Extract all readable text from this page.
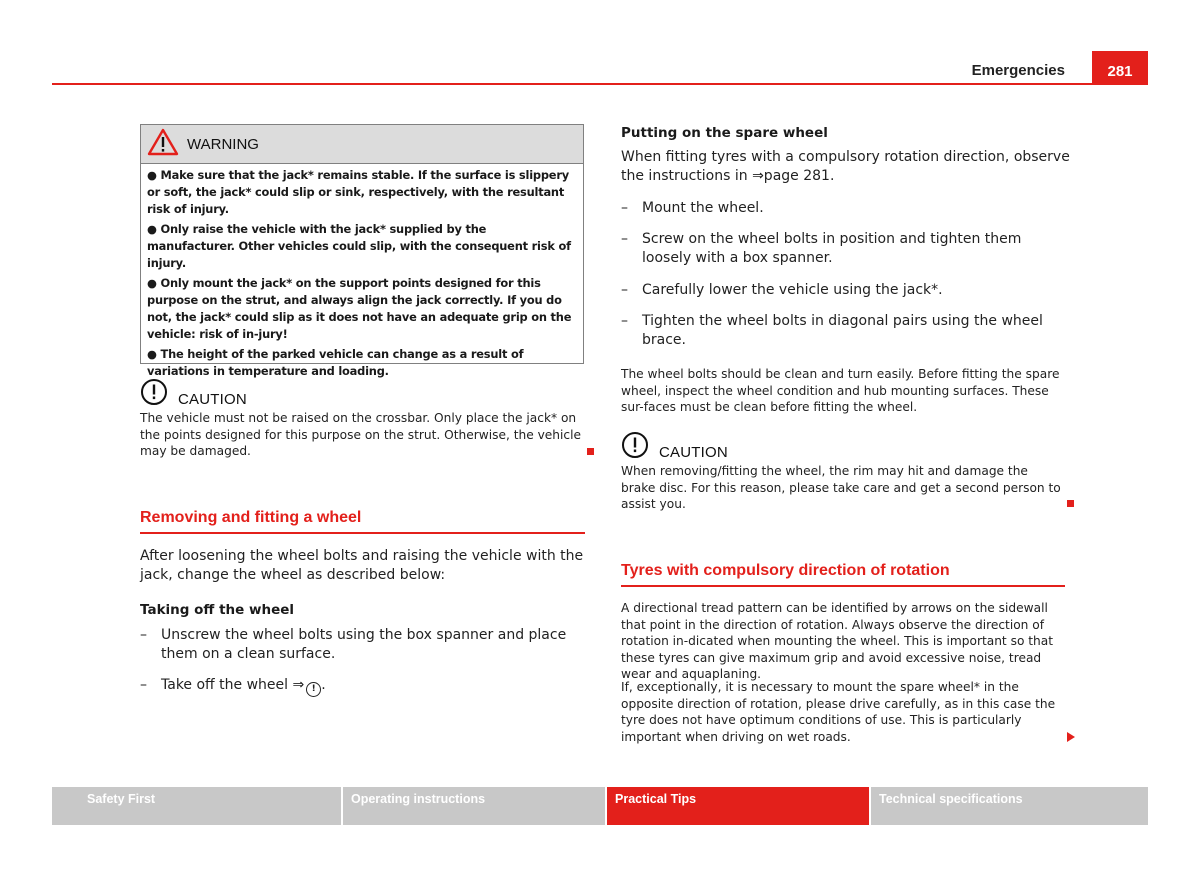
Emergencies	281
WARNING

● Make sure that the jack* remains stable. If the surface is slippery or soft, the jack* could slip or sink, respectively, with the resultant risk of injury.

● Only raise the vehicle with the jack* supplied by the manufacturer. Other vehicles could slip, with the consequent risk of injury.

● Only mount the jack* on the support points designed for this purpose on the strut, and always align the jack correctly. If you do not, the jack* could slip as it does not have an adequate grip on the vehicle: risk of in-jury!

● The height of the parked vehicle can change as a result of variations in temperature and loading.

CAUTION
The vehicle must not be raised on the crossbar. Only place the jack* on the points designed for this purpose on the strut. Otherwise, the vehicle may be damaged.
Removing and fitting a wheel
After loosening the wheel bolts and raising the vehicle with the jack, change the wheel as described below:
Taking off the wheel
– Unscrew the wheel bolts using the box spanner and place them on a clean surface.
– Take off the wheel ⇒ ! .
Putting on the spare wheel
When fitting tyres with a compulsory rotation direction, observe the instructions in ⇒page 281.
– Mount the wheel.
– Screw on the wheel bolts in position and tighten them loosely with a box spanner.
– Carefully lower the vehicle using the jack*.
– Tighten the wheel bolts in diagonal pairs using the wheel brace.
The wheel bolts should be clean and turn easily. Before fitting the spare wheel, inspect the wheel condition and hub mounting surfaces. These sur-faces must be clean before fitting the wheel.
CAUTION
When removing/fitting the wheel, the rim may hit and damage the brake disc. For this reason, please take care and get a second person to assist you.
Tyres with compulsory direction of rotation
A directional tread pattern can be identified by arrows on the sidewall that point in the direction of rotation. Always observe the direction of rotation in-dicated when mounting the wheel. This is important so that these tyres can give maximum grip and avoid excessive noise, tread wear and aquaplaning.
If, exceptionally, it is necessary to mount the spare wheel* in the opposite direction of rotation, please drive carefully, as in this case the tyre does not have optimum conditions of use. This is particularly important when driving on wet roads.
Safety First	Operating instructions	Practical Tips	Technical specifications
